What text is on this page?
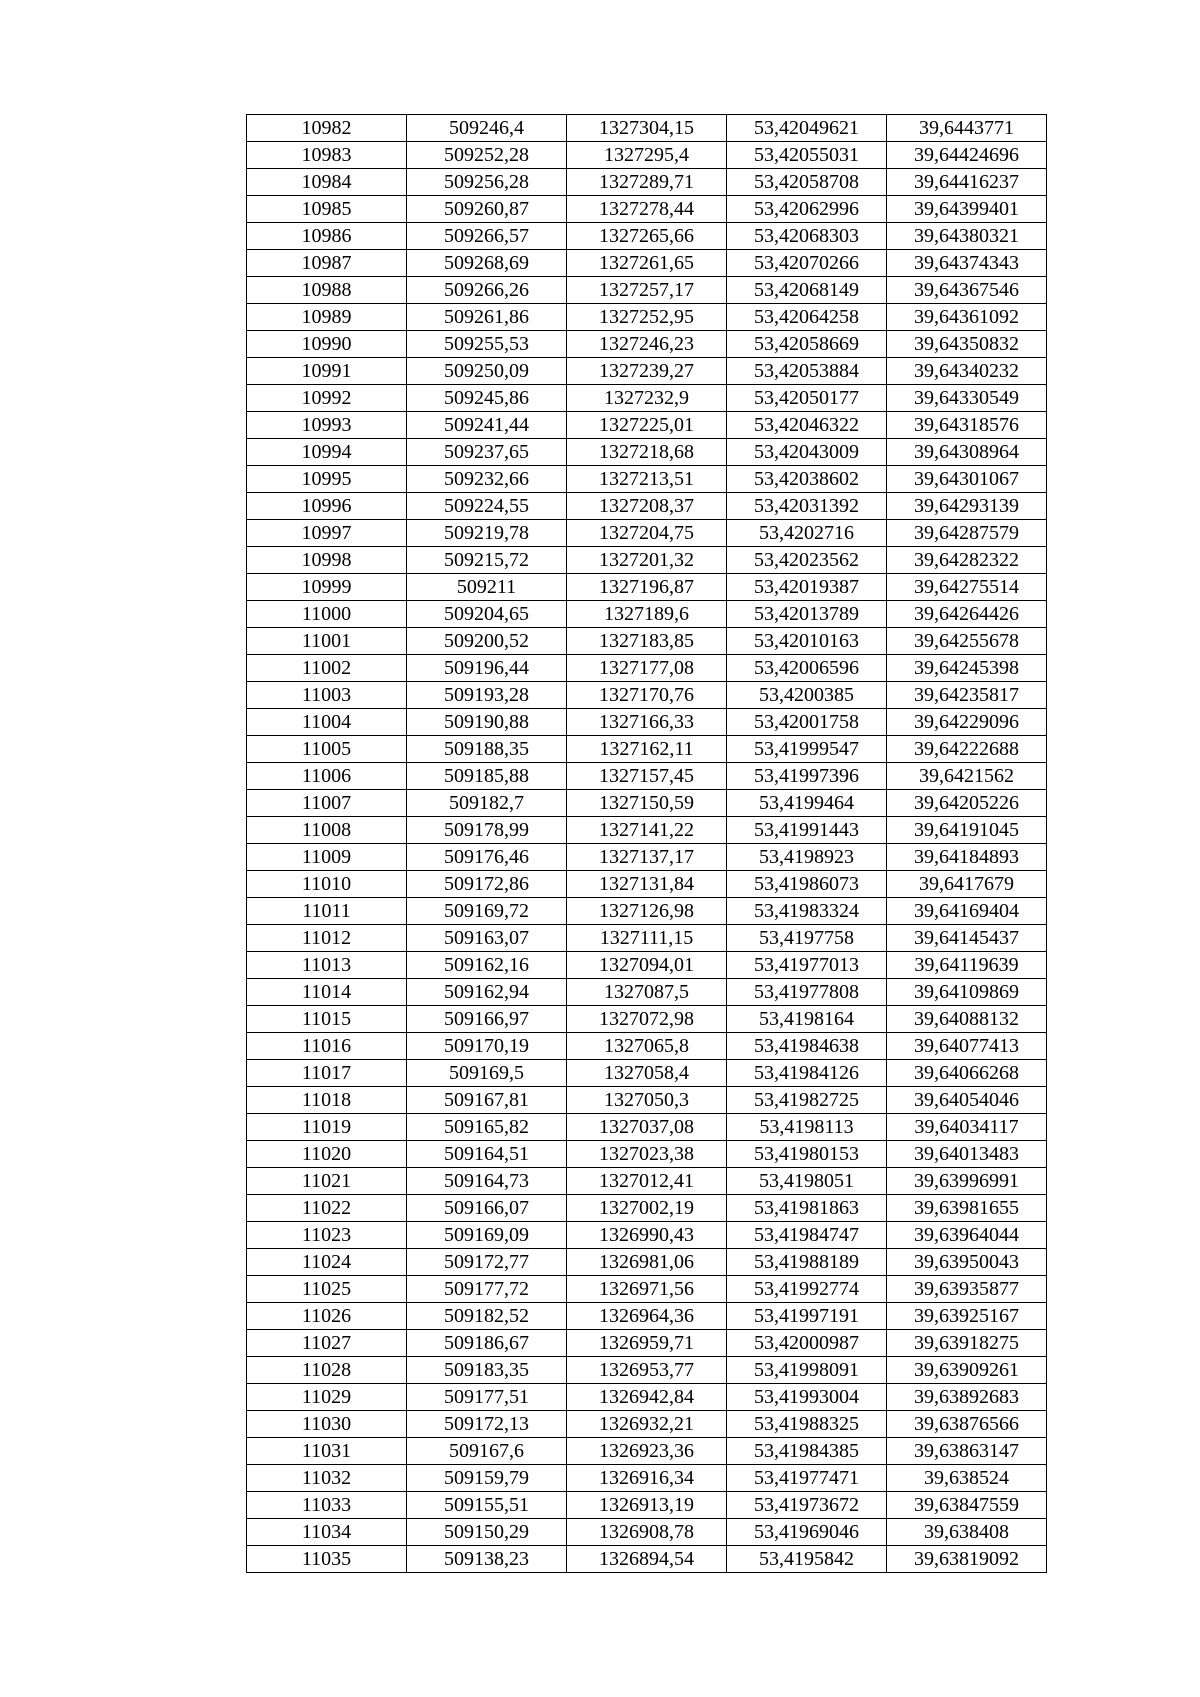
10982	509246,4	1327304,15	53,42049621	39,6443771
10983	509252,28	1327295,4	53,42055031	39,64424696
10984	509256,28	1327289,71	53,42058708	39,64416237
10985	509260,87	1327278,44	53,42062996	39,64399401
10986	509266,57	1327265,66	53,42068303	39,64380321
10987	509268,69	1327261,65	53,42070266	39,64374343
10988	509266,26	1327257,17	53,42068149	39,64367546
10989	509261,86	1327252,95	53,42064258	39,64361092
10990	509255,53	1327246,23	53,42058669	39,64350832
10991	509250,09	1327239,27	53,42053884	39,64340232
10992	509245,86	1327232,9	53,42050177	39,64330549
10993	509241,44	1327225,01	53,42046322	39,64318576
10994	509237,65	1327218,68	53,42043009	39,64308964
10995	509232,66	1327213,51	53,42038602	39,64301067
10996	509224,55	1327208,37	53,42031392	39,64293139
10997	509219,78	1327204,75	53,4202716	39,64287579
10998	509215,72	1327201,32	53,42023562	39,64282322
10999	509211	1327196,87	53,42019387	39,64275514
11000	509204,65	1327189,6	53,42013789	39,64264426
11001	509200,52	1327183,85	53,42010163	39,64255678
11002	509196,44	1327177,08	53,42006596	39,64245398
11003	509193,28	1327170,76	53,4200385	39,64235817
11004	509190,88	1327166,33	53,42001758	39,64229096
11005	509188,35	1327162,11	53,41999547	39,64222688
11006	509185,88	1327157,45	53,41997396	39,6421562
11007	509182,7	1327150,59	53,4199464	39,64205226
11008	509178,99	1327141,22	53,41991443	39,64191045
11009	509176,46	1327137,17	53,4198923	39,64184893
11010	509172,86	1327131,84	53,41986073	39,6417679
11011	509169,72	1327126,98	53,41983324	39,64169404
11012	509163,07	1327111,15	53,4197758	39,64145437
11013	509162,16	1327094,01	53,41977013	39,64119639
11014	509162,94	1327087,5	53,41977808	39,64109869
11015	509166,97	1327072,98	53,4198164	39,64088132
11016	509170,19	1327065,8	53,41984638	39,64077413
11017	509169,5	1327058,4	53,41984126	39,64066268
11018	509167,81	1327050,3	53,41982725	39,64054046
11019	509165,82	1327037,08	53,4198113	39,64034117
11020	509164,51	1327023,38	53,41980153	39,64013483
11021	509164,73	1327012,41	53,4198051	39,63996991
11022	509166,07	1327002,19	53,41981863	39,63981655
11023	509169,09	1326990,43	53,41984747	39,63964044
11024	509172,77	1326981,06	53,41988189	39,63950043
11025	509177,72	1326971,56	53,41992774	39,63935877
11026	509182,52	1326964,36	53,41997191	39,63925167
11027	509186,67	1326959,71	53,42000987	39,63918275
11028	509183,35	1326953,77	53,41998091	39,63909261
11029	509177,51	1326942,84	53,41993004	39,63892683
11030	509172,13	1326932,21	53,41988325	39,63876566
11031	509167,6	1326923,36	53,41984385	39,63863147
11032	509159,79	1326916,34	53,41977471	39,638524
11033	509155,51	1326913,19	53,41973672	39,63847559
11034	509150,29	1326908,78	53,41969046	39,638408
11035	509138,23	1326894,54	53,4195842	39,63819092
